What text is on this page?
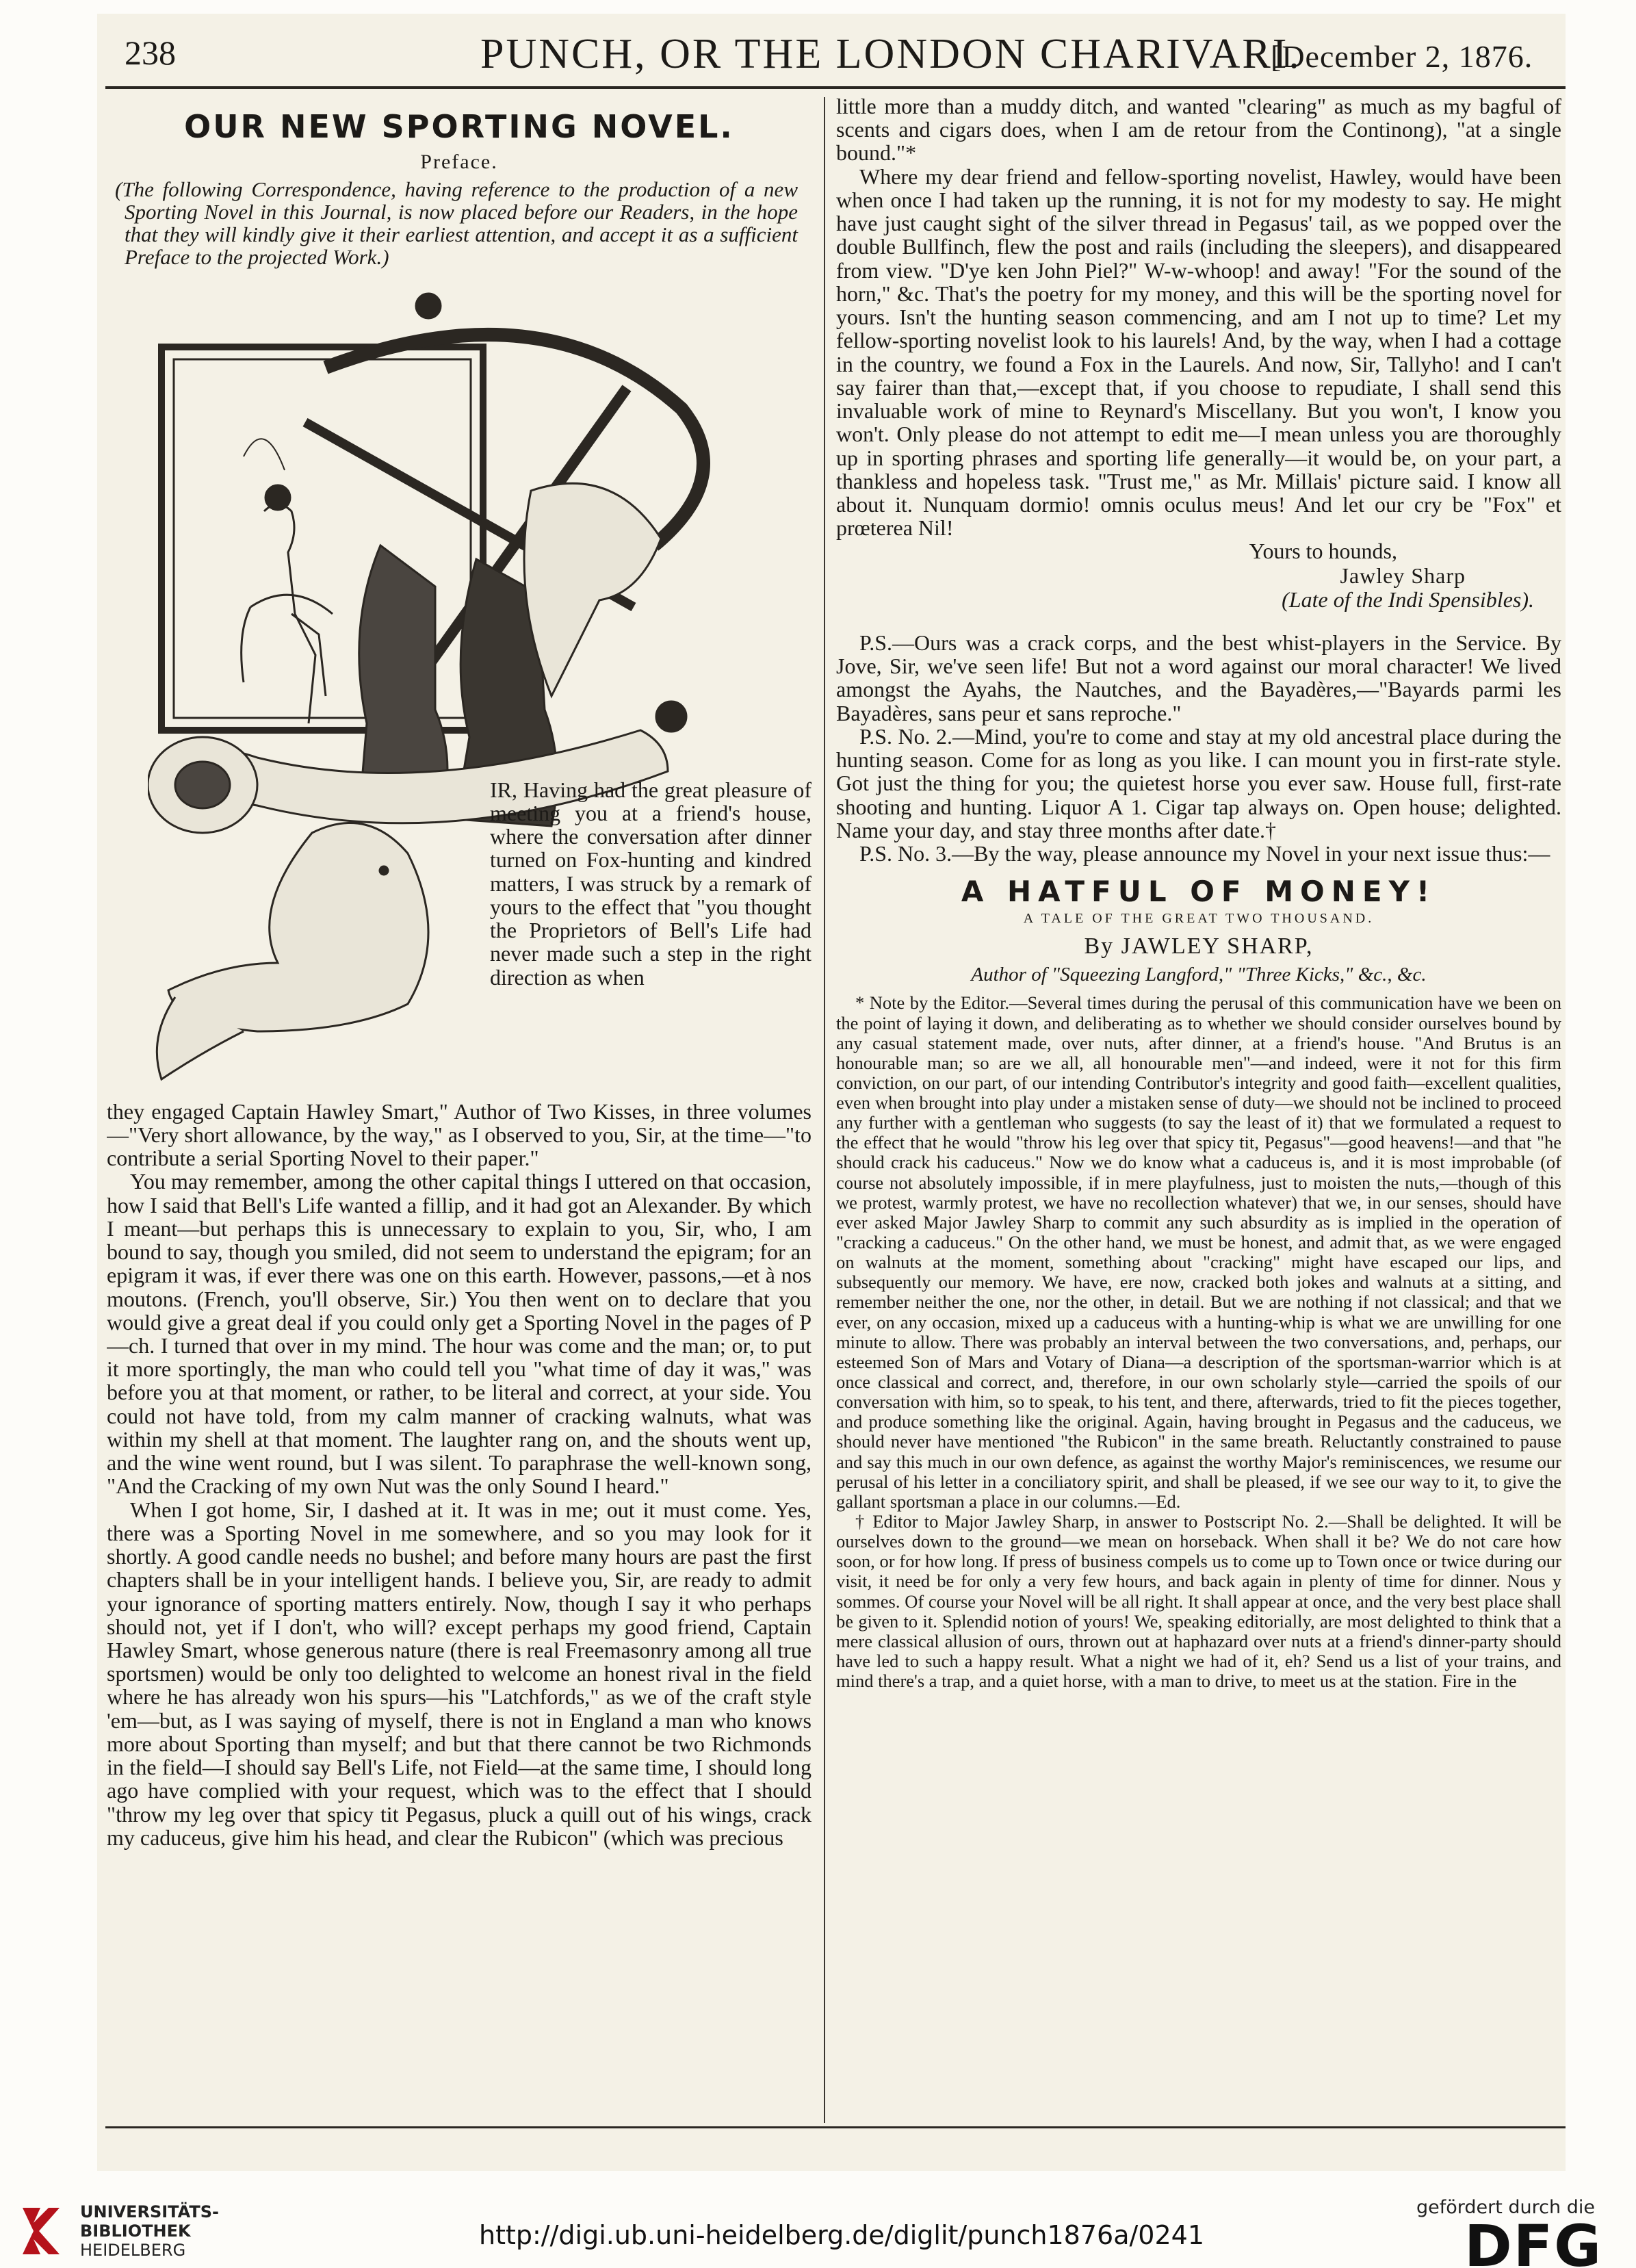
238	PUNCH, OR THE LONDON CHARIVARI.
[December 2, 1876.
OUR NEW SPORTING NOVEL.
Preface.
(The following Correspondence, having reference to the production of a new Sporting Novel in this Journal, is now placed before our Readers, in the hope that they will kindly give it their earliest attention, and accept it as a sufficient Preface to the projected Work.)
IR, Having had the great pleasure of meeting you at a friend's house, where the conversation after dinner turned on Fox-hunting and kindred matters, I was struck by a remark of yours to the effect that "you thought the Proprietors of Bell's Life had never made such a step in the right direction as when

they engaged Captain Hawley Smart," Author of Two Kisses, in three volumes—"Very short allowance, by the way," as I observed to you, Sir, at the time—"to contribute a serial Sporting Novel to their paper."

You may remember, among the other capital things I uttered on that occasion, how I said that Bell's Life wanted a fillip, and it had got an Alexander. By which I meant—but perhaps this is unnecessary to explain to you, Sir, who, I am bound to say, though you smiled, did not seem to understand the epigram; for an epigram it was, if ever there was one on this earth. However, passons,—et à nos moutons. (French, you'll observe, Sir.) You then went on to declare that you would give a great deal if you could only get a Sporting Novel in the pages of P—ch. I turned that over in my mind. The hour was come and the man; or, to put it more sportingly, the man who could tell you "what time of day it was," was before you at that moment, or rather, to be literal and correct, at your side. You could not have told, from my calm manner of cracking walnuts, what was within my shell at that moment. The laughter rang on, and the shouts went up, and the wine went round, but I was silent. To paraphrase the well-known song, "And the Cracking of my own Nut was the only Sound I heard."

When I got home, Sir, I dashed at it. It was in me; out it must come. Yes, there was a Sporting Novel in me somewhere, and so you may look for it shortly. A good candle needs no bushel; and before many hours are past the first chapters shall be in your intelligent hands. I believe you, Sir, are ready to admit your ignorance of sporting matters entirely. Now, though I say it who perhaps should not, yet if I don't, who will? except perhaps my good friend, Captain Hawley Smart, whose generous nature (there is real Freemasonry among all true sportsmen) would be only too delighted to welcome an honest rival in the field where he has already won his spurs—his "Latchfords," as we of the craft style 'em—but, as I was saying of myself, there is not in England a man who knows more about Sporting than myself; and but that there cannot be two Richmonds in the field—I should say Bell's Life, not Field—at the same time, I should long ago have complied with your request, which was to the effect that I should "throw my leg over that spicy tit Pegasus, pluck a quill out of his wings, crack my caduceus, give him his head, and clear the Rubicon" (which was precious

little more than a muddy ditch, and wanted "clearing" as much as my bagful of scents and cigars does, when I am de retour from the Continong), "at a single bound."*

Where my dear friend and fellow-sporting novelist, Hawley, would have been when once I had taken up the running, it is not for my modesty to say. He might have just caught sight of the silver thread in Pegasus' tail, as we popped over the double Bullfinch, flew the post and rails (including the sleepers), and disappeared from view. "D'ye ken John Piel?" W-w-whoop! and away! "For the sound of the horn," &c. That's the poetry for my money, and this will be the sporting novel for yours. Isn't the hunting season commencing, and am I not up to time? Let my fellow-sporting novelist look to his laurels! And, by the way, when I had a cottage in the country, we found a Fox in the Laurels. And now, Sir, Tallyho! and I can't say fairer than that,—except that, if you choose to repudiate, I shall send this invaluable work of mine to Reynard's Miscellany. But you won't, I know you won't. Only please do not attempt to edit me—I mean unless you are thoroughly up in sporting phrases and sporting life generally—it would be, on your part, a thankless and hopeless task. "Trust me," as Mr. Millais' picture said. I know all about it. Nunquam dormio! omnis oculus meus! And let our cry be "Fox" et prœterea Nil!

Yours to hounds,
Jawley Sharp
(Late of the Indi Spensibles).

P.S.—Ours was a crack corps, and the best whist-players in the Service. By Jove, Sir, we've seen life! But not a word against our moral character! We lived amongst the Ayahs, the Nautches, and the Bayadères,—"Bayards parmi les Bayadères, sans peur et sans reproche."

P.S. No. 2.—Mind, you're to come and stay at my old ancestral place during the hunting season. Come for as long as you like. I can mount you in first-rate style. Got just the thing for you; the quietest horse you ever saw. House full, first-rate shooting and hunting. Liquor A 1. Cigar tap always on. Open house; delighted. Name your day, and stay three months after date.†

P.S. No. 3.—By the way, please announce my Novel in your next issue thus:—

A HATFUL OF MONEY!
A TALE OF THE GREAT TWO THOUSAND.
By JAWLEY SHARP,
Author of "Squeezing Langford," "Three Kicks," &c., &c.

* Note by the Editor.—Several times during the perusal of this communication have we been on the point of laying it down, and deliberating as to whether we should consider ourselves bound by any casual statement made, over nuts, after dinner, at a friend's house. "And Brutus is an honourable man; so are we all, all honourable men"—and indeed, were it not for this firm conviction, on our part, of our intending Contributor's integrity and good faith—excellent qualities, even when brought into play under a mistaken sense of duty—we should not be inclined to proceed any further with a gentleman who suggests (to say the least of it) that we formulated a request to the effect that he would "throw his leg over that spicy tit, Pegasus"—good heavens!—and that "he should crack his caduceus." Now we do know what a caduceus is, and it is most improbable (of course not absolutely impossible, if in mere playfulness, just to moisten the nuts,—though of this we protest, warmly protest, we have no recollection whatever) that we, in our senses, should have ever asked Major Jawley Sharp to commit any such absurdity as is implied in the operation of "cracking a caduceus." On the other hand, we must be honest, and admit that, as we were engaged on walnuts at the moment, something about "cracking" might have escaped our lips, and subsequently our memory. We have, ere now, cracked both jokes and walnuts at a sitting, and remember neither the one, nor the other, in detail. But we are nothing if not classical; and that we ever, on any occasion, mixed up a caduceus with a hunting-whip is what we are unwilling for one minute to allow. There was probably an interval between the two conversations, and, perhaps, our esteemed Son of Mars and Votary of Diana—a description of the sportsman-warrior which is at once classical and correct, and, therefore, in our own scholarly style—carried the spoils of our conversation with him, so to speak, to his tent, and there, afterwards, tried to fit the pieces together, and produce something like the original. Again, having brought in Pegasus and the caduceus, we should never have mentioned "the Rubicon" in the same breath. Reluctantly constrained to pause and say this much in our own defence, as against the worthy Major's reminiscences, we resume our perusal of his letter in a conciliatory spirit, and shall be pleased, if we see our way to it, to give the gallant sportsman a place in our columns.—Ed.

† Editor to Major Jawley Sharp, in answer to Postscript No. 2.—Shall be delighted. It will be ourselves down to the ground—we mean on horseback. When shall it be? We do not care how soon, or for how long. If press of business compels us to come up to Town once or twice during our visit, it need be for only a very few hours, and back again in plenty of time for dinner. Nous y sommes. Of course your Novel will be all right. It shall appear at once, and the very best place shall be given to it. Splendid notion of yours! We, speaking editorially, are most delighted to think that a mere classical allusion of ours, thrown out at haphazard over nuts at a friend's dinner-party should have led to such a happy result. What a night we had of it, eh? Send us a list of your trains, and mind there's a trap, and a quiet horse, with a man to drive, to meet us at the station. Fire in the

UNIVERSITÄTS-
BIBLIOTHEK
HEIDELBERG	http://digi.ub.uni-heidelberg.de/diglit/punch1876a/0241
gefördert durch die
DFG
